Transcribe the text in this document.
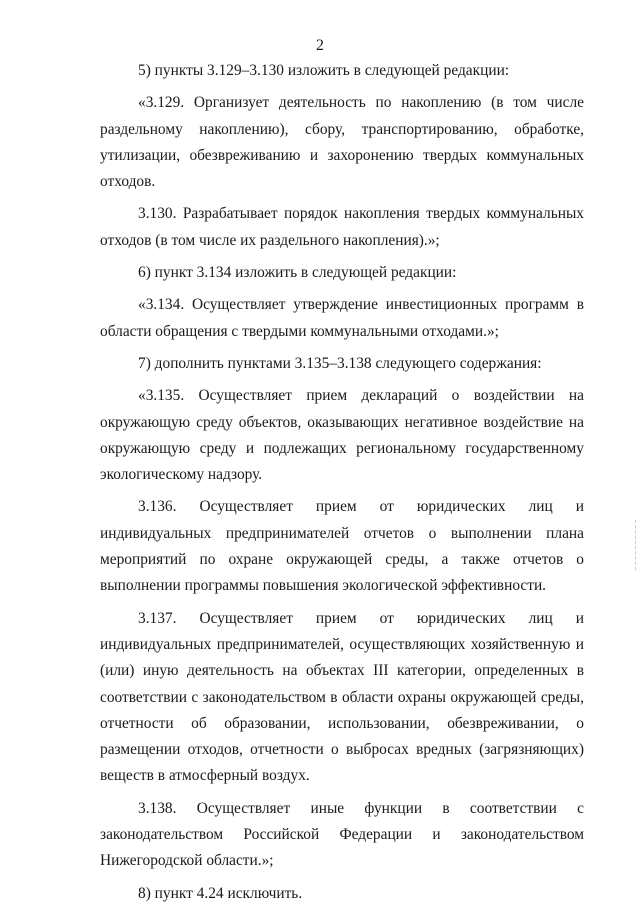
2

5) пункты 3.129–3.130 изложить в следующей редакции:

«3.129. Организует деятельность по накоплению (в том числе раздельному накоплению), сбору, транспортированию, обработке, утилизации, обезвреживанию и захоронению твердых коммунальных отходов.

3.130. Разрабатывает порядок накопления твердых коммунальных отходов (в том числе их раздельного накопления).»;

6) пункт 3.134 изложить в следующей редакции:

«3.134. Осуществляет утверждение инвестиционных программ в области обращения с твердыми коммунальными отходами.»;

7) дополнить пунктами 3.135–3.138 следующего содержания:

«3.135. Осуществляет прием деклараций о воздействии на окружающую среду объектов, оказывающих негативное воздействие на окружающую среду и подлежащих региональному государственному экологическому надзору.

3.136. Осуществляет прием от юридических лиц и индивидуальных предпринимателей отчетов о выполнении плана мероприятий по охране окружающей среды, а также отчетов о выполнении программы повышения экологической эффективности.

3.137. Осуществляет прием от юридических лиц и индивидуальных предпринимателей, осуществляющих хозяйственную и (или) иную деятельность на объектах III категории, определенных в соответствии с законодательством в области охраны окружающей среды, отчетности об образовании, использовании, обезвреживании, о размещении отходов, отчетности о выбросах вредных (загрязняющих) веществ в атмосферный воздух.

3.138. Осуществляет иные функции в соответствии с законодательством Российской Федерации и законодательством Нижегородской области.»;

8) пункт 4.24 исключить.
